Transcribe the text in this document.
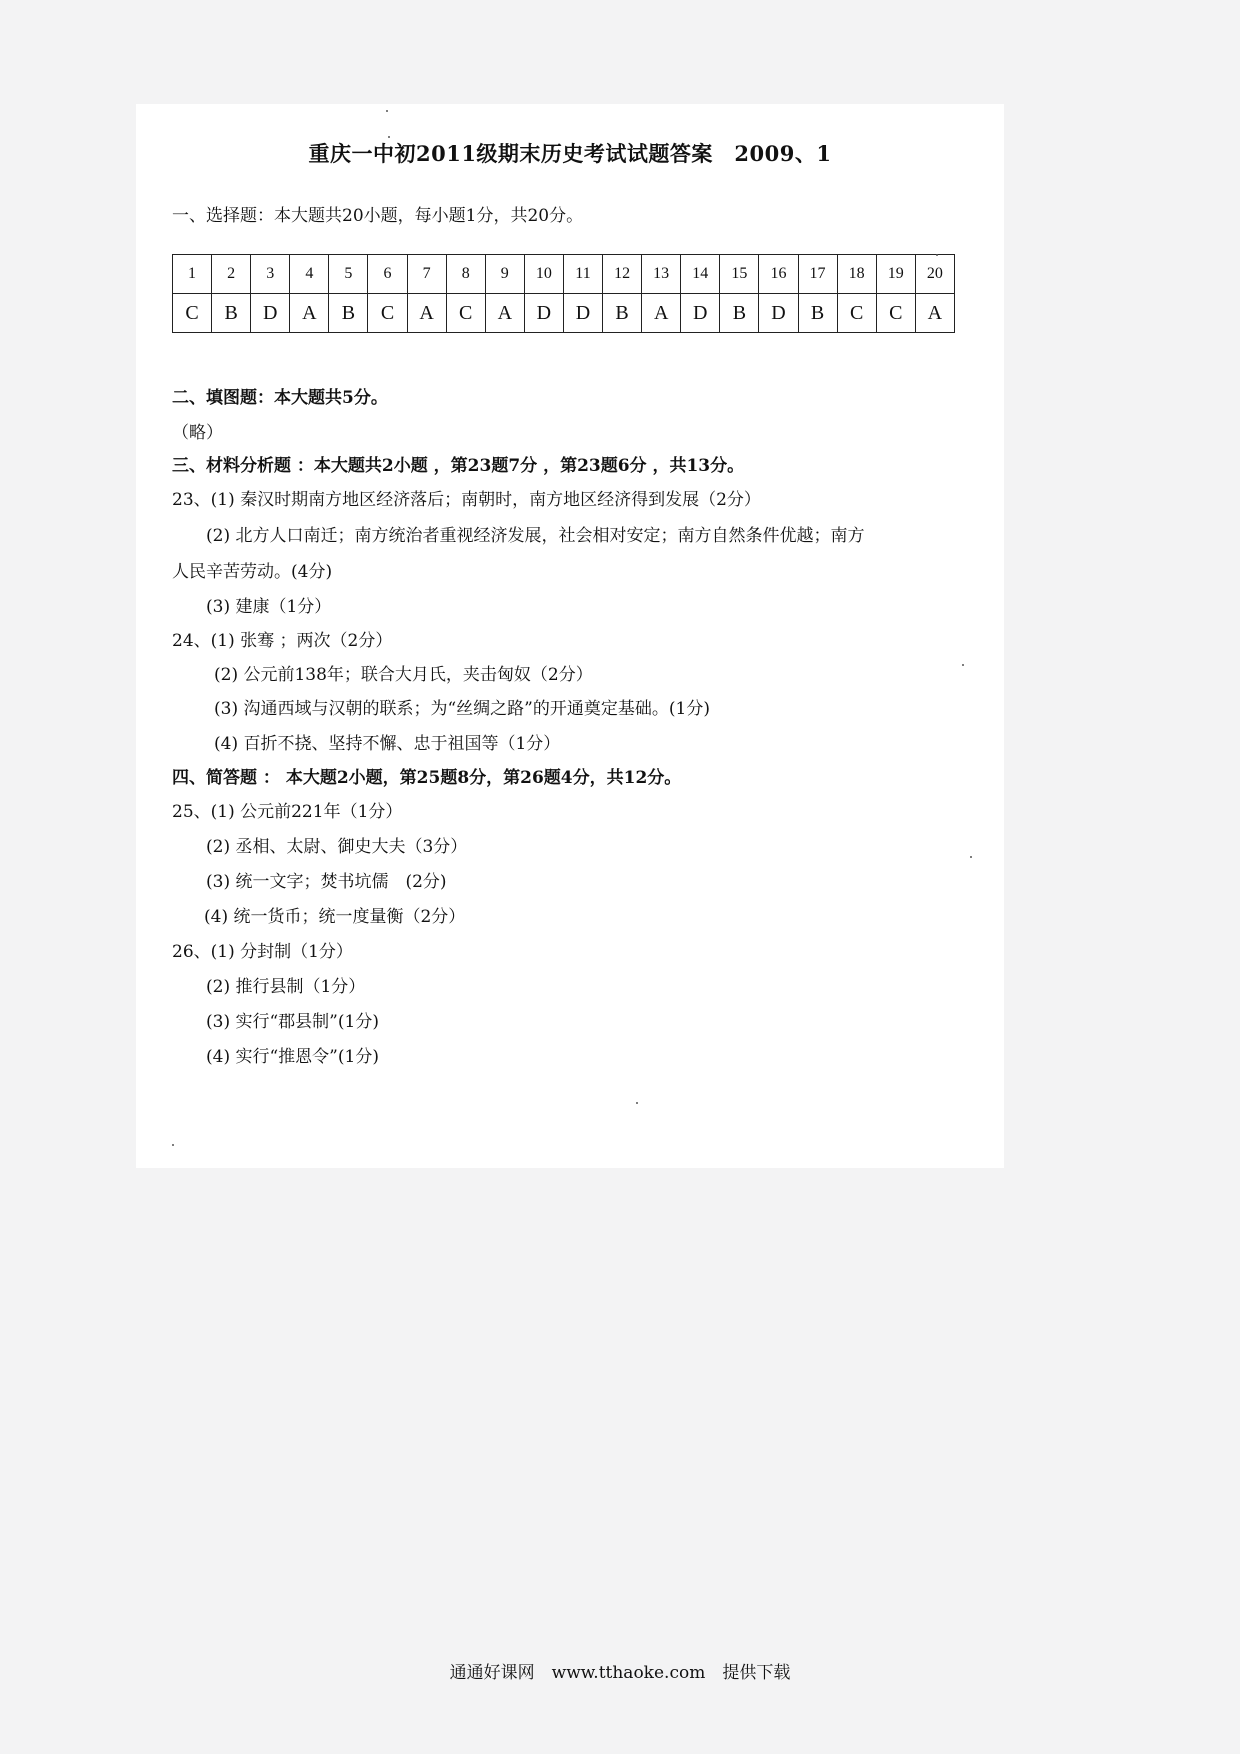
重庆一中初2011级期末历史考试试题答案　2009、1
一、选择题：本大题共20小题，每小题1分，共20分。
1	2	3	4	5	6	7	8	9	10	11	12	13	14	15	16	17	18	19	20
C	B	D	A	B	C	A	C	A	D	D	B	A	D	B	D	B	C	C	A
二、填图题：本大题共5分。
（略）
三、材料分析题 ：本大题共2小题 ，第23题7分 ，第23题6分 ，共13分。
23、(1) 秦汉时期南方地区经济落后；南朝时，南方地区经济得到发展（2分）
(2) 北方人口南迁；南方统治者重视经济发展，社会相对安定；南方自然条件优越；南方
人民辛苦劳动。(4分)
(3) 建康（1分）
24、(1) 张骞 ；两次（2分）
(2) 公元前138年；联合大月氏，夹击匈奴（2分）
(3) 沟通西域与汉朝的联系；为“丝绸之路”的开通奠定基础。(1分)
(4) 百折不挠、坚持不懈、忠于祖国等（1分）
四、简答题 ： 本大题2小题，第25题8分，第26题4分，共12分。
25、(1) 公元前221年（1分）
(2) 丞相、太尉、御史大夫（3分）
(3) 统一文字；焚书坑儒　(2分)
(4) 统一货币；统一度量衡（2分）
26、(1) 分封制（1分）
(2) 推行县制（1分）
(3) 实行“郡县制”(1分)
(4) 实行“推恩令”(1分)
通通好课网　www.tthaoke.com　提供下载
